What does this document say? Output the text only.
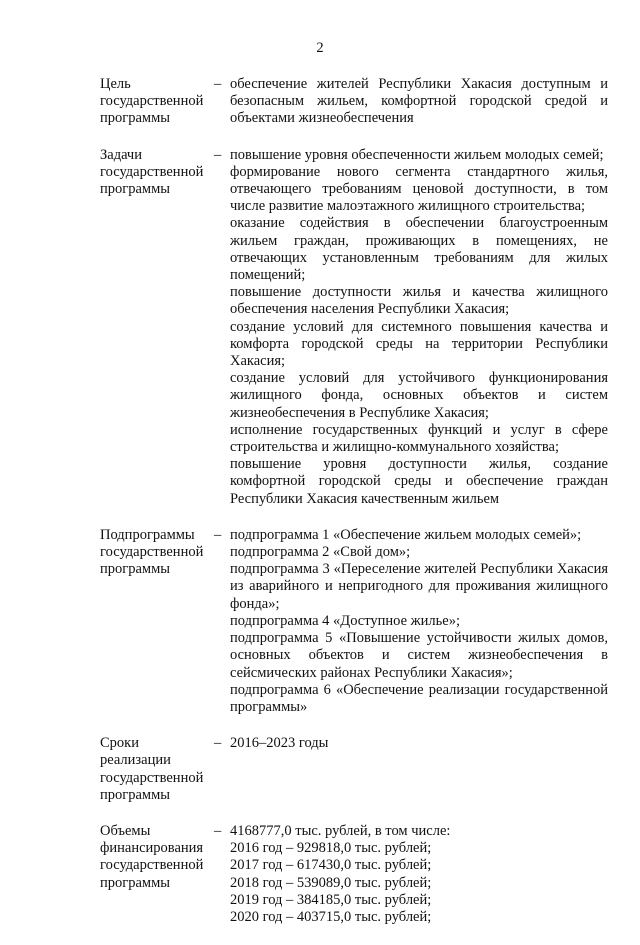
2
Цель
государственной
программы
– обеспечение жителей Республики Хакасия доступным и безопасным жильем, комфортной городской средой и объектами жизнеобеспечения

Задачи
государственной
программы
– повышение уровня обеспеченности жильем молодых семей;

формирование нового сегмента стандартного жилья, отвечающего требованиям ценовой доступности, в том числе развитие малоэтажного жилищного строительства;

оказание содействия в обеспечении благоустроенным жильем граждан, проживающих в помещениях, не отвечающих установленным требованиям для жилых помещений;

повышение доступности жилья и качества жилищного обеспечения населения Республики Хакасия;

создание условий для системного повышения качества и комфорта городской среды на территории Республики Хакасия;

создание условий для устойчивого функционирования жилищного фонда, основных объектов и систем жизнеобеспечения в Республике Хакасия;

исполнение государственных функций и услуг в сфере строительства и жилищно-коммунального хозяйства;

повышение уровня доступности жилья, создание комфортной городской среды и обеспечение граждан Республики Хакасия качественным жильем

Подпрограммы
государственной
программы
– подпрограмма 1 «Обеспечение жильем молодых семей»;

подпрограмма 2 «Свой дом»;

подпрограмма 3 «Переселение жителей Республики Хакасия из аварийного и непригодного для проживания жилищного фонда»;

подпрограмма 4 «Доступное жилье»;

подпрограмма 5 «Повышение устойчивости жилых домов, основных объектов и систем жизнеобеспечения в сейсмических районах Республики Хакасия»;

подпрограмма 6 «Обеспечение реализации государственной программы»

Сроки
реализации
государственной
программы
– 2016–2023 годы

Объемы
финансирования
государственной
программы
– 4168777,0 тыс. рублей, в том числе:

2016 год – 929818,0 тыс. рублей;

2017 год – 617430,0 тыс. рублей;

2018 год – 539089,0 тыс. рублей;

2019 год – 384185,0 тыс. рублей;

2020 год – 403715,0 тыс. рублей;
